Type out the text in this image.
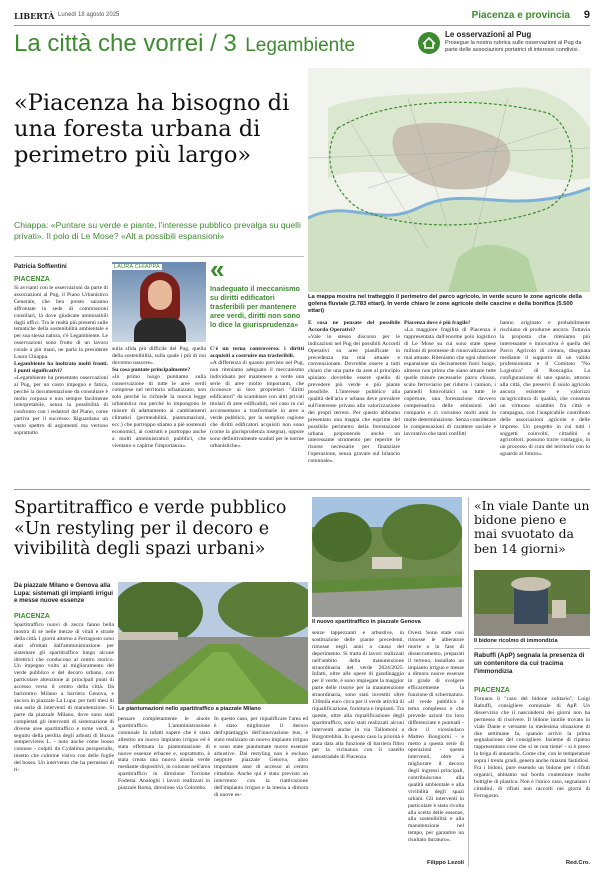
LIBERTÀ Lunedì 18 agosto 2025	Piacenza e provincia 9
La città che vorrei / 3 Legambiente
Le osservazioni al Pug
Prosegue la nostra rubrica sulle osservazioni al Pug da parte delle associazioni portatrici di interessi condivisi.
«Piacenza ha bisogno di una foresta urbana di perimetro più largo»
La mappa mostra nel tratteggio il perimetro del parco agricolo, in verde scuro le zone agricole della golena fluviale (2.783 ettari). In verde chiaro le zone agricole delle cascine e della bonifica (5.500 ettari)
Chiappa: «Puntare su verde e piante, l'interesse pubblico prevalga su quelli privati». Il polo di Le Mose? «Alt a possibili espansioni»
Patricia Soffientini
PIACENZA
Si avvianti con le osservazioni da parte di associazioni al Pug, il Piano Urbanistico Generale, che ben presto saranno affrontate in sede di commissioni consiliari, là dove giudicate ammissibili dagli uffici. Tra le realtà più presenti sulle tematiche della sostenibilità ambientale e per sua stessa natura, c'è Legambiente. Le osservazioni sono frutto di un lavoro corale a più mani, ne parla la presidente Laura Chiappa.
Legambiente ha inoltrato molti fronti. I punti significativi?
«Legambiente ha presentato osservazioni al Pug, per un costo impegno e fatica, perché la documentazione da consultare è molto corposa e non sempre facilmente interpretabile, senza la possibilità di confronto con i redattori del Piano, come partiva per il successo. Riguardano un vasto spettro di argomenti ma vertono soprattutto
LAURA CHIAPPA
sulla sfida più difficile del Pug, quella della sostenibilità, sulla quale i più di noi dovremo nascere».
Su cosa puntate principalmente?
«In primo luogo puntiamo sulla conservazione di tutte le aree verdi comprese nel territorio urbanizzato, non solo perché lo richiede la nuova legge urbanistica ma perché lo impongono le misure di adattamento ai cambiamenti climatici (permeabilità, piantumazioni, ecc.) che purtroppo stiamo a piè sostenuti economici, ai costrutti e purtroppo anche a molti amministratori pubblici, che vientano o capirne l'importanza».
«
Inadeguato il meccanismo su diritti edificatori trasferibili per mantenere aree verdi, diritti non sono lo dice la giurisprudenza»
C'è un terna controverso: i diritti acquisiti a costruire ma trasferibili.
«A differenza di quanto previsto nel Pug, non riteniamo adeguato il meccanismo individuato per mantenere a verde una serie di aree molto importanti, che riconosce ai loro proprietari "diritti edificatori" da scambiare con altri privati titolari di aree edificabili, nel caso in cui acconsentano a trasformarle in aree a verde pubblico, per la semplice ragione che diritti edificatori acquisiti non sono (come la giurisprudenza insegna), oppure sono definitivamente scaduti per le norme urbanistiche».
E cosa ne pensate del possibile Accordo Operativi?
«Vale lo stesso discorso per le indicazioni nel Pug dei possibili Accordi Operativi su aree pianificate in precedenza ma mai attuate e convenzionate. Dovrebbe essere a tutti chiaro che una parte da aree al principio spiniato dovrebbe essere quello di prevedere più verde e più piante possibile. L'interesse pubblico alla qualità dell'aria e urbana deve prevalere sull'interesse privato alla valorizzazione dei propri terreni. Per questo abbiamo presentato una mappa che esprime del possibile perimetro della forestazione urbana proponendo anche un interessante strumento per reperire le risorse necessarie per finanziare l'operazione, senza gravare sul bilancio comunale».
Piacenza dove è più fragile?
«La maggiore fragilità di Piacenza è rappresentata dall'enorme polo logistico di Le Mose su cui sono state spese milioni di promesse di rinnovalizzazione mai attuate. Riteniamo che ogni ulteriore espansione sia decisamente fuori luogo, almeno non prima che siano attuate tutte quelle misure necessarie: parco chiuso, scalo ferroviario per ridurre i camion, i pannelli fotovoltaici su tutte le coperture, una forestazione davvero compensativa delle emissioni del comparto e ci vorranno molti anni in molte determinazione. Senza considerare le compensazioni di carattere sociale e lavorativo che tanti conflitti
hanno originato e probabilmente rischiano di produrne ancora. Tuttavia la proposta che riteniamo più interessante e innovativa è quella del Parco Agricolo di cintura, disegnata mediante il supporto di un valido professionista e il Comitato "No Logistica" di Roncaglia. La configurazione di uno spazio, attorno alla città, che preservi il suolo agricolo ancora esistente e valorizzi un'agricoltura di qualità, che consenta un virtuoso scambio fra città e campagna, con l'auspicabile contributo delle associazioni agricole e delle imprese. Un progetto in cui tutti i soggetti coinvolti, cittadini e agricoltori, possono trarre vantaggio, in un processo di cura del territorio con lo sguardo al futuro».
Spartitraffico e verde pubblico «Un restyling per il decoro e vivibilità degli spazi urbani»
Il nuovo spartitraffico in piazzale Genova
Da piazzale Milano e Genova alla Lupa: sistemati gli impianti irrigui e messe nuove essenze
PIACENZA
Spartitraffico nuovi di zecca fanno bella mostra di sé nelle mezze di vitali e strade della città. I giorni attorno a Ferragosto sono stati sfruttati dall'amministrazione per sistemare gli spartitraffico lungo alcune direttrici che conducono al centro storico. Un impegno volto al miglioramento del verde pubblico e del decoro urbano, con particolare attenzione ai principali punti di accesso verso il centro della città. Da baricentro Milano a barriera Genova, e ancora in piazzale La Lupa: per tutti mesi di una serie di interventi di manutenzione. Si parte da piazzale Milano, dove sono stati completati gli interventi di sistemazione di diverse aree spartitraffico e tome verdi, a seguito della perdita degli arbusti di Buxus sempervirens L. - noto anche come bosso comune - colpiti da Cydalima perspectalis, insetto che culmine visivo con delle foglie del bosso. Un intervento che ha permesso di ri-
Le piantumazioni nello spartitraffico a piazzale Milano
pensare completamente le aiuole spartitraffico. L'amministrazione comunale fa infatti sapere che è stato allestito un nuovo impianto irriguo ed è stata effettuata la piantumazione di nuove essenze erbacee e, soprattutto, è stata creata una nuova aiuola verde mediante dispositivi, in colonne nell'area spartitraffico in direzione Torrione Fodesta. Analoghi i lavori realizzati in piazzale Roma, direzione via Colombo.
In questo caso, per riqualificare l'area ed è stato migliorare il decoro dell'spiattaggio dell'innovazione bus, è stato realizzato un nuovo impianto irriguo e sono state piantumate nuove essenze arbustive. Dal restyling non è escluso neppure piazzale Genova, altro importante asse di accesso al centro cittadino. Anche qui è stato previsto un intervento con la riattivazione dell'impianto irriguo e la messa a dimora di nuove es-
senze tappezzanti e arbustive, in sostituzione delle piante precedenti, rimosse negli anni a causa del deperimento. Si tratta di lavori realizzati nell'ambito della manutenzione straordinaria del verde 2024/2025. Infatti, oltre alle opere di giardinaggio per il verde, è sono impiegate la maggior parte delle risorse per la manutenzione straordinaria, sono stati investiti oltre 130mila euro circa per il verde attività di riqualificazione, fornitura e impianti. Tra queste, oltre alla riqualificazione degli spartitraffico, sono stati realizzati alcuni interventi anche in via Tallomoni a Borgotrebbia. In questo caso la priorità è stata data alla funzione di barriera filtro per la vicinanza con il casello autostradale di Piacenza
Ovest. Sono state così rimosse le alberature morte o in fase di disseccamento, preparati il terreno, installato un impianto irriguo e messe a dimora nuove essenze in grado di svolgere efficacemente la funzione di schermatura. «Il verde pubblico è tema complesso e che prevede azioni tra loro differenziate e puntuali - dice il vicesindaco Matteo Bongiorni - e metto a questa serie di operazioni - queste interventi, oltre a migliorare il decoro degli ingressi principali, contribuiscono alla qualità ambientale e alla vivibilità degli spazi urbani. Gli interventi in particolare è stata rivolta alla scelta delle essenze, alla sostenibilità e alla manutenzione nel tempo, per garantire un risultato duraturo».
Filippo Lezoli
«In viale Dante un bidone pieno e mai svuotato da ben 14 giorni»
Il bidone ricolmo di immondizia
Rabuffi (ApP) segnala la presenza di un contenitore da cui tracima l'immondizia
PIACENZA
Tornano il "caso del bidone solitario", Luigi Rabuffi, consigliere comunale di ApP. Un disservizio che il nascondersi dei giorni non ha permesso di risolvere. Il bidone inutile trovato in viale Dante e versante la medesima situazione di due settimane fa, quando arrivò la prima segnalazione del consigliere. Insieme di ripieno rappresentano cose che si se non tiene! - si è preso la briga di annotarlo. Come che, con le temperature sopra i trenta gradi, genera anche miasmi fastidiosi. Fra i bidoni, pure essendo un bidone per i rifiuti organici, abbiamo sul bordo contenitore molte bottiglie di plastica. Non è l'unico caso, segnalano i cittadini, di rifiuti non raccolti nei giorni di Ferragosto.
Red.Cro.
